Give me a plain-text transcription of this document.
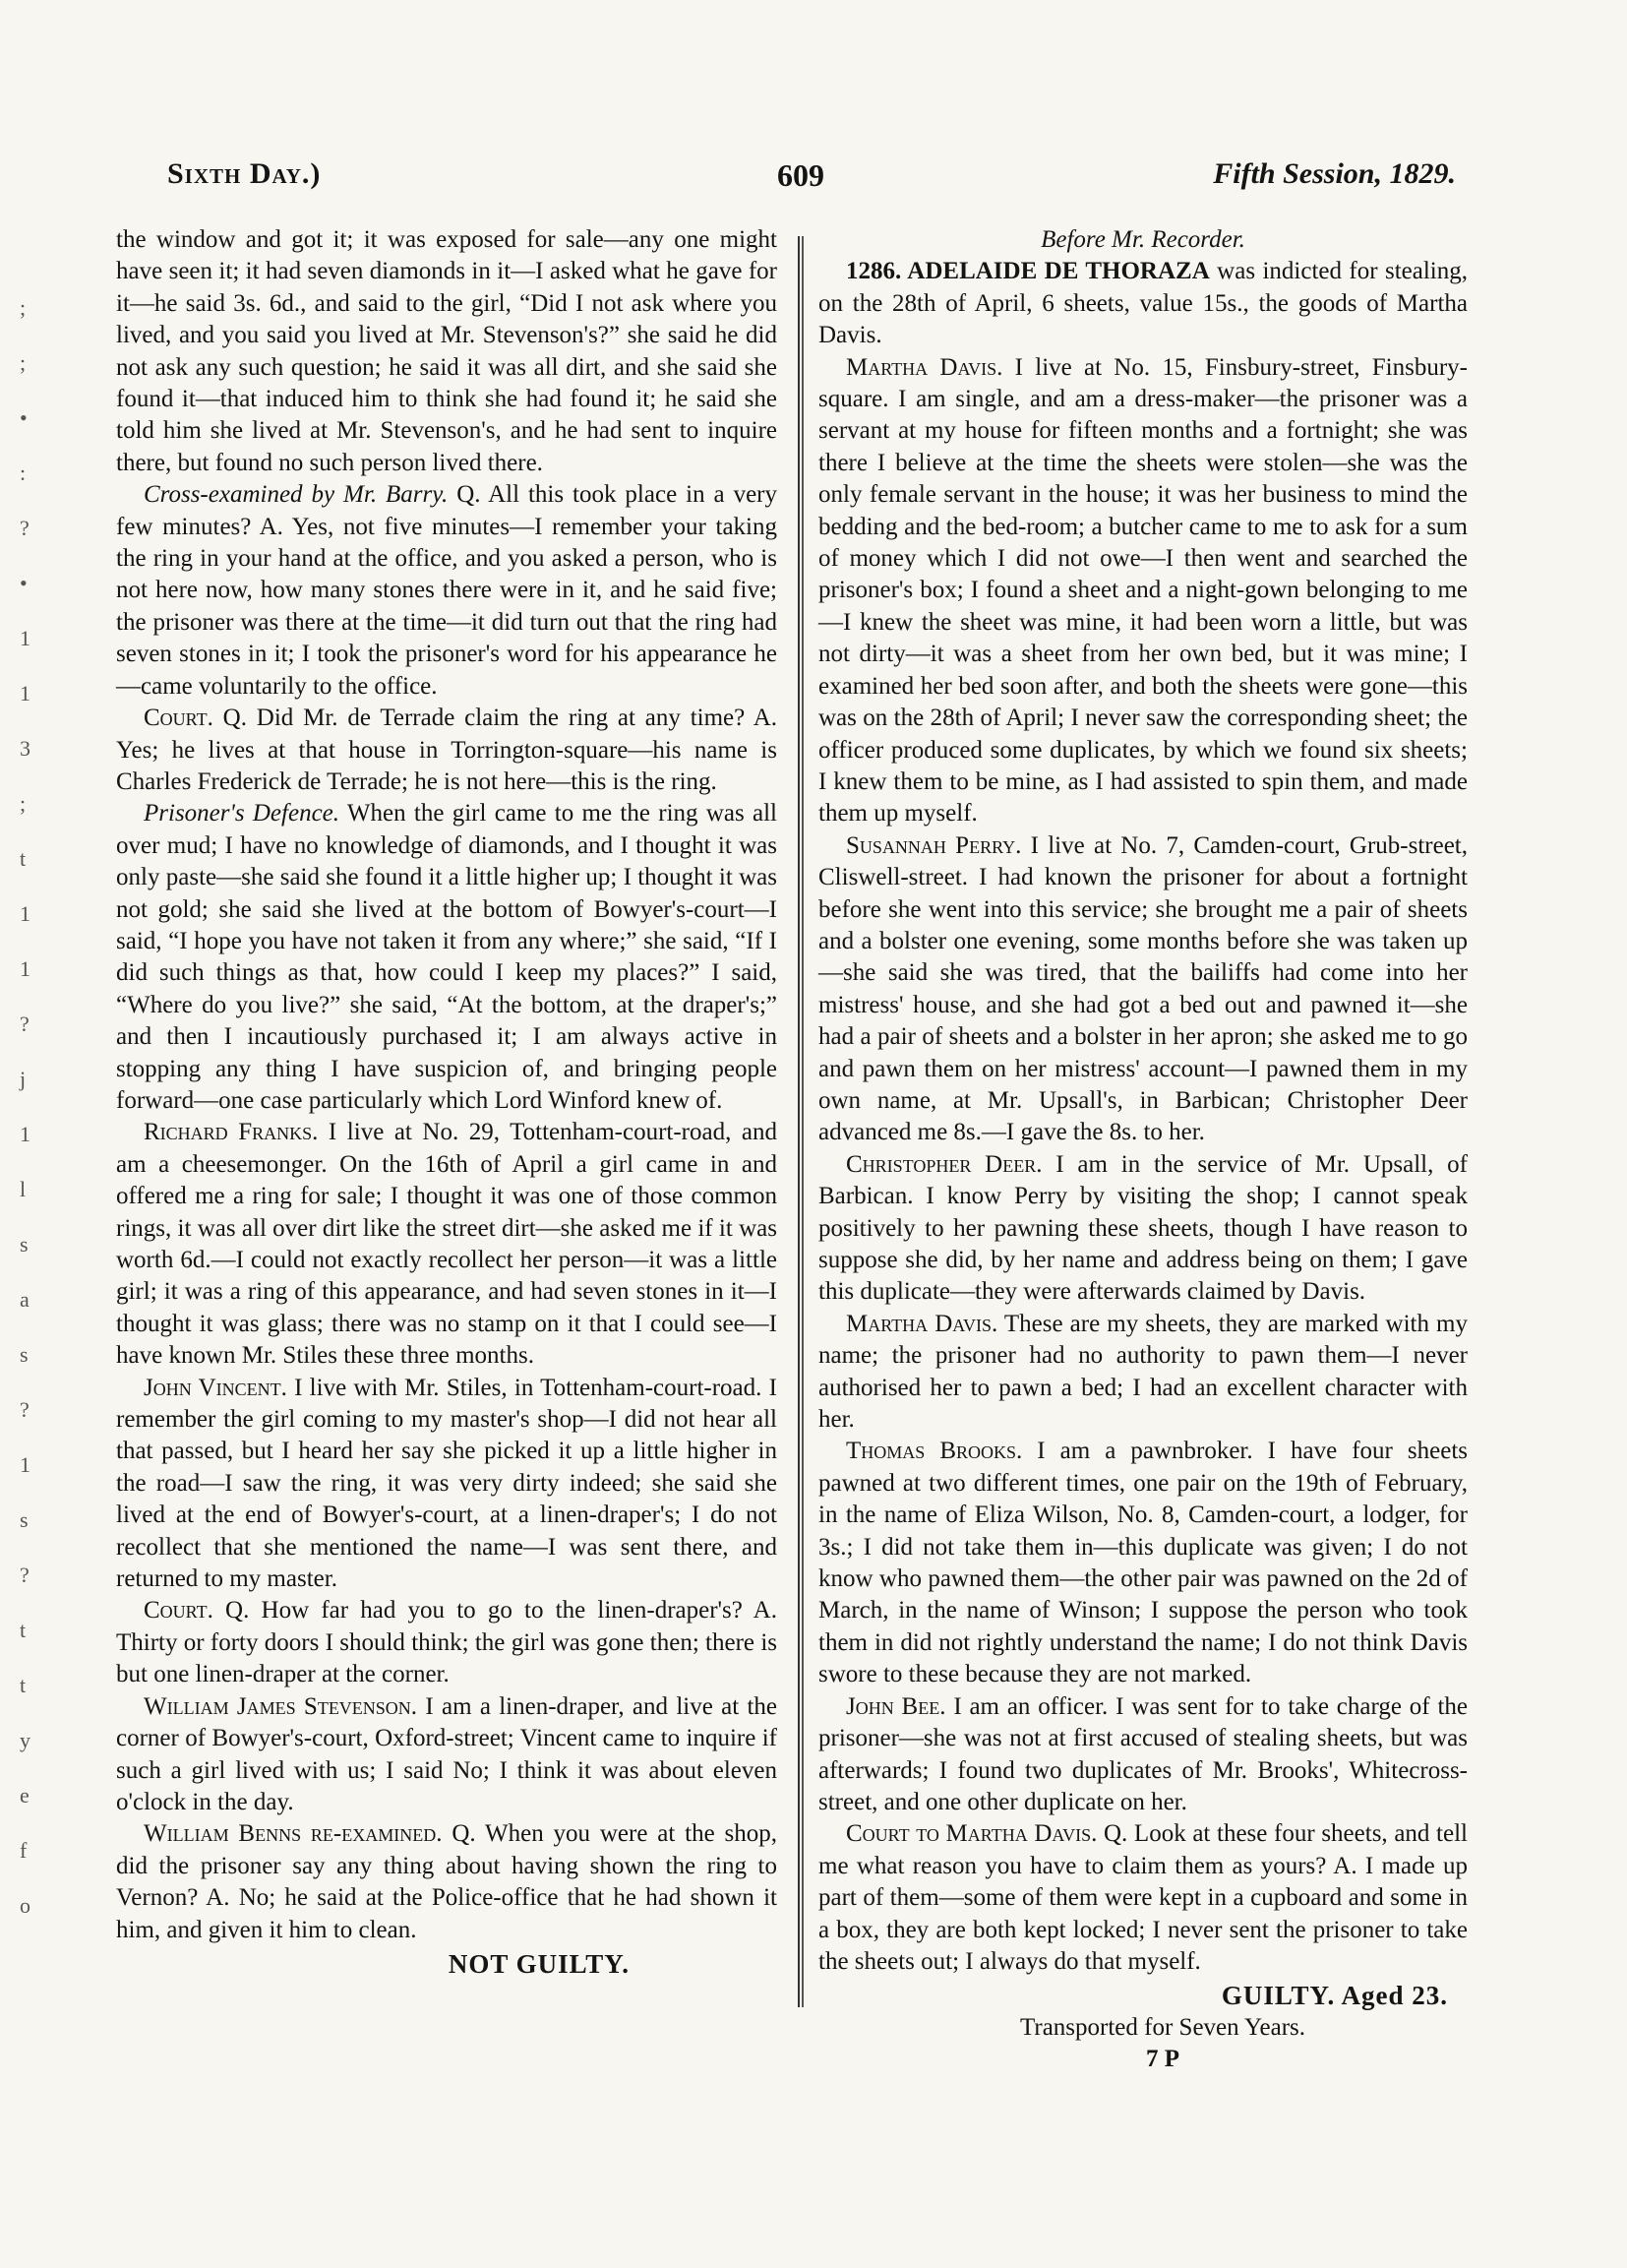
;
;
•
:
?
•
1
1
3
;
t
1
1
?
j
1
l
s
a
s
?
1
s
?
t
t
y
e
f
o
Sixth Day.)	609	Fifth Session, 1829.

the window and got it; it was exposed for sale—any one might have seen it; it had seven diamonds in it—I asked what he gave for it—he said 3s. 6d., and said to the girl, “Did I not ask where you lived, and you said you lived at Mr. Stevenson's?” she said he did not ask any such question; he said it was all dirt, and she said she found it—that induced him to think she had found it; he said she told him she lived at Mr. Stevenson's, and he had sent to inquire there, but found no such person lived there.

Cross-examined by Mr. Barry. Q. All this took place in a very few minutes? A. Yes, not five minutes—I remember your taking the ring in your hand at the office, and you asked a person, who is not here now, how many stones there were in it, and he said five; the prisoner was there at the time—it did turn out that the ring had seven stones in it; I took the prisoner's word for his appearance he—came voluntarily to the office.

Court. Q. Did Mr. de Terrade claim the ring at any time? A. Yes; he lives at that house in Torrington-square—his name is Charles Frederick de Terrade; he is not here—this is the ring.

Prisoner's Defence. When the girl came to me the ring was all over mud; I have no knowledge of diamonds, and I thought it was only paste—she said she found it a little higher up; I thought it was not gold; she said she lived at the bottom of Bowyer's-court—I said, “I hope you have not taken it from any where;” she said, “If I did such things as that, how could I keep my places?” I said, “Where do you live?” she said, “At the bottom, at the draper's;” and then I incautiously purchased it; I am always active in stopping any thing I have suspicion of, and bringing people forward—one case particularly which Lord Winford knew of.

Richard Franks. I live at No. 29, Tottenham-court-road, and am a cheesemonger. On the 16th of April a girl came in and offered me a ring for sale; I thought it was one of those common rings, it was all over dirt like the street dirt—she asked me if it was worth 6d.—I could not exactly recollect her person—it was a little girl; it was a ring of this appearance, and had seven stones in it—I thought it was glass; there was no stamp on it that I could see—I have known Mr. Stiles these three months.

John Vincent. I live with Mr. Stiles, in Tottenham-court-road. I remember the girl coming to my master's shop—I did not hear all that passed, but I heard her say she picked it up a little higher in the road—I saw the ring, it was very dirty indeed; she said she lived at the end of Bowyer's-court, at a linen-draper's; I do not recollect that she mentioned the name—I was sent there, and returned to my master.

Court. Q. How far had you to go to the linen-draper's? A. Thirty or forty doors I should think; the girl was gone then; there is but one linen-draper at the corner.

William James Stevenson. I am a linen-draper, and live at the corner of Bowyer's-court, Oxford-street; Vincent came to inquire if such a girl lived with us; I said No; I think it was about eleven o'clock in the day.

William Benns re-examined. Q. When you were at the shop, did the prisoner say any thing about having shown the ring to Vernon? A. No; he said at the Police-office that he had shown it him, and given it him to clean.

NOT GUILTY.

Before Mr. Recorder.

1286. ADELAIDE DE THORAZA was indicted for stealing, on the 28th of April, 6 sheets, value 15s., the goods of Martha Davis.

Martha Davis. I live at No. 15, Finsbury-street, Finsbury-square. I am single, and am a dress-maker—the prisoner was a servant at my house for fifteen months and a fortnight; she was there I believe at the time the sheets were stolen—she was the only female servant in the house; it was her business to mind the bedding and the bed-room; a butcher came to me to ask for a sum of money which I did not owe—I then went and searched the prisoner's box; I found a sheet and a night-gown belonging to me—I knew the sheet was mine, it had been worn a little, but was not dirty—it was a sheet from her own bed, but it was mine; I examined her bed soon after, and both the sheets were gone—this was on the 28th of April; I never saw the corresponding sheet; the officer produced some duplicates, by which we found six sheets; I knew them to be mine, as I had assisted to spin them, and made them up myself.

Susannah Perry. I live at No. 7, Camden-court, Grub-street, Cliswell-street. I had known the prisoner for about a fortnight before she went into this service; she brought me a pair of sheets and a bolster one evening, some months before she was taken up—she said she was tired, that the bailiffs had come into her mistress' house, and she had got a bed out and pawned it—she had a pair of sheets and a bolster in her apron; she asked me to go and pawn them on her mistress' account—I pawned them in my own name, at Mr. Upsall's, in Barbican; Christopher Deer advanced me 8s.—I gave the 8s. to her.

Christopher Deer. I am in the service of Mr. Upsall, of Barbican. I know Perry by visiting the shop; I cannot speak positively to her pawning these sheets, though I have reason to suppose she did, by her name and address being on them; I gave this duplicate—they were afterwards claimed by Davis.

Martha Davis. These are my sheets, they are marked with my name; the prisoner had no authority to pawn them—I never authorised her to pawn a bed; I had an excellent character with her.

Thomas Brooks. I am a pawnbroker. I have four sheets pawned at two different times, one pair on the 19th of February, in the name of Eliza Wilson, No. 8, Camden-court, a lodger, for 3s.; I did not take them in—this duplicate was given; I do not know who pawned them—the other pair was pawned on the 2d of March, in the name of Winson; I suppose the person who took them in did not rightly understand the name; I do not think Davis swore to these because they are not marked.

John Bee. I am an officer. I was sent for to take charge of the prisoner—she was not at first accused of stealing sheets, but was afterwards; I found two duplicates of Mr. Brooks', Whitecross-street, and one other duplicate on her.

Court to Martha Davis. Q. Look at these four sheets, and tell me what reason you have to claim them as yours? A. I made up part of them—some of them were kept in a cupboard and some in a box, they are both kept locked; I never sent the prisoner to take the sheets out; I always do that myself.

GUILTY. Aged 23.

Transported for Seven Years.

7 P
